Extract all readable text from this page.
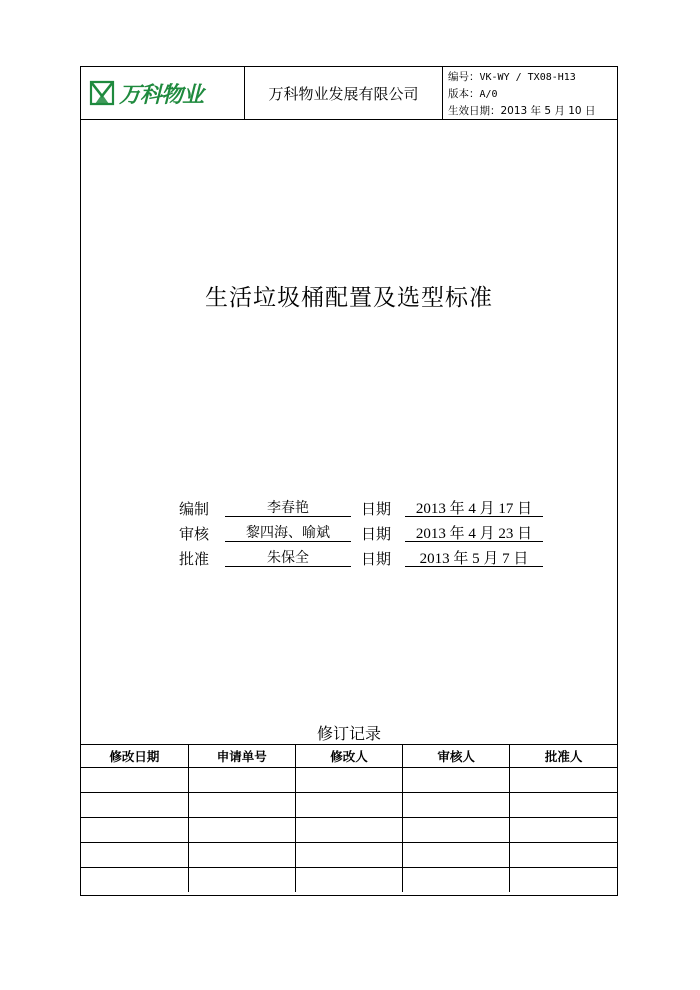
万科物业	万科物业发展有限公司
编号：VK-WY / TX08-H13
版本：A/0
生效日期：2013 年 5 月 10 日
生活垃圾桶配置及选型标准
编制	李春艳	日期	2013 年 4 月 17 日
审核	黎四海、喻斌	日期	2013 年 4 月 23 日
批准	朱保全	日期	2013 年 5 月 7 日
修订记录
修改日期	申请单号	修改人	审核人	批准人
